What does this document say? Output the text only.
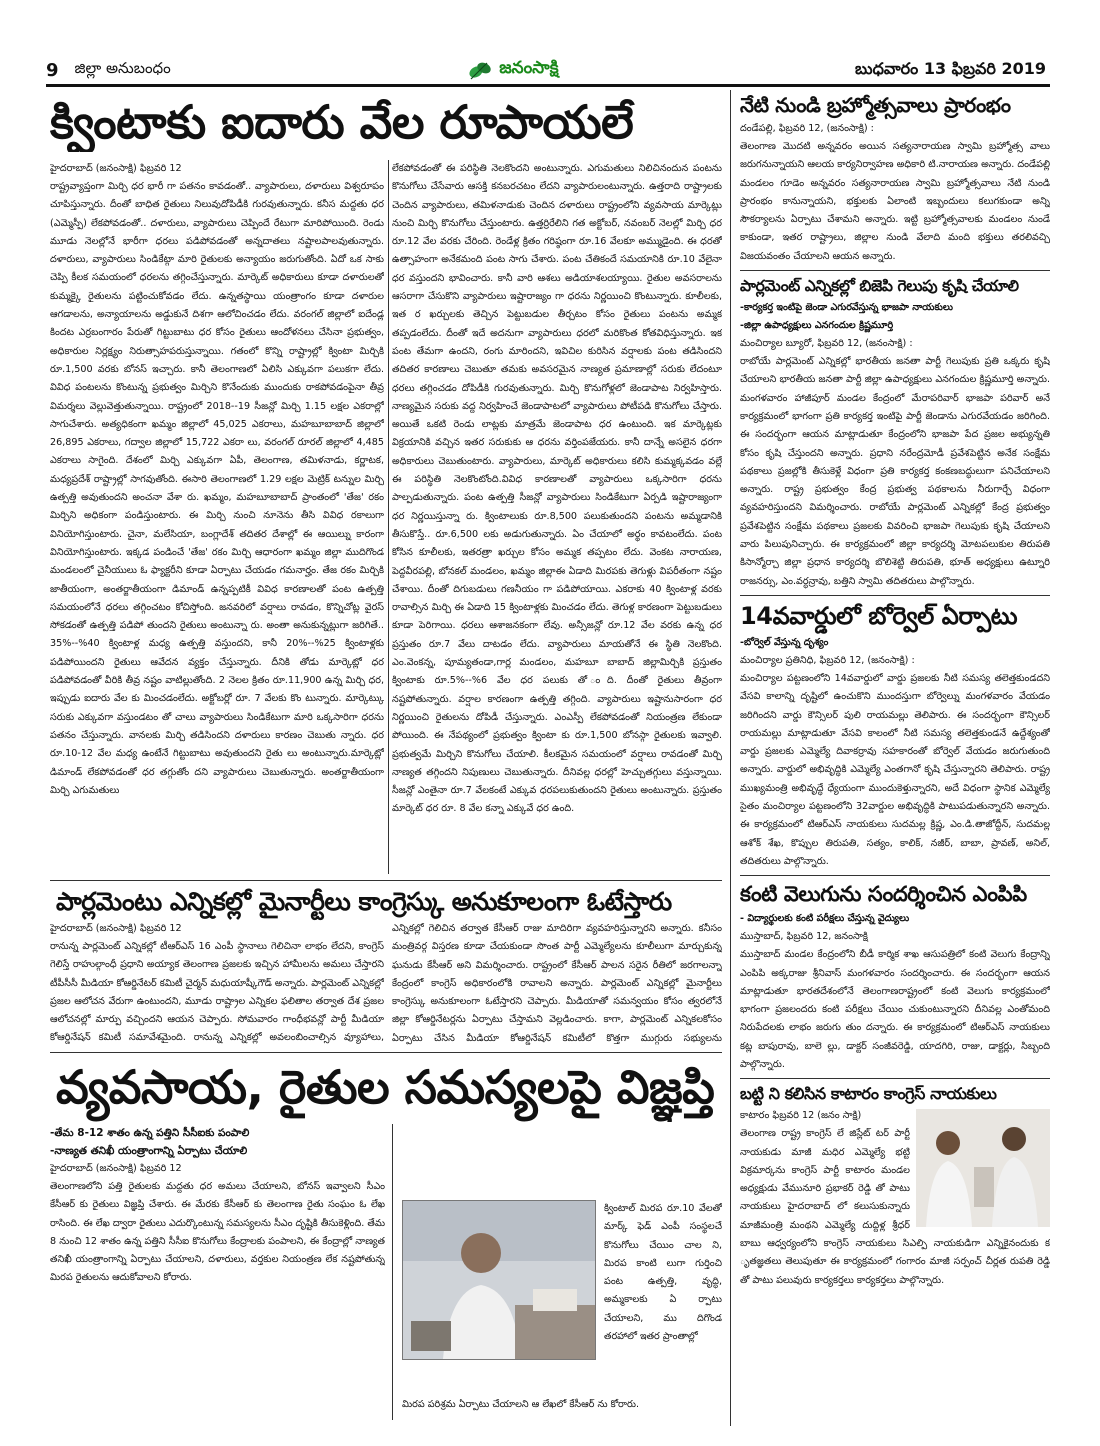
9 జిల్లా అనుబంధం	జనంసాక్షి	బుధవారం 13 ఫిబ్రవరి 2019
క్వింటాకు ఐదారు వేల రూపాయలే

హైదరాబాద్ (జనంసాక్షి) ఫిబ్రవరి 12

రాష్ట్రవ్యాప్తంగా మిర్చి ధర భారీ గా పతనం కావడంతో.. వ్యాపారులు, దళారులు విశ్వరూపం చూపిస్తున్నారు. దీంతో బాధిత రైతులు నిలువుదోపిడీకి గురవుతున్నారు. కనీస మద్దతు ధర (ఎమ్మెస్పీ) లేకపోవడంతో.. దళారులు, వ్యాపారులు చెప్పిందే రేటుగా మారిపోయింది. రెండు మూడు నెలల్లోనే భారీగా ధరలు పడిపోవడంతో అన్నదాతలు నష్టాలపాలవుతున్నారు. దళారులు, వ్యాపారులు సిండికేట్గా మారి రైతులకు అన్యాయం జరుగుతోంది. ఏదో ఒక సాకు చెప్పి కీలక సమయంలో ధరలను తగ్గించేస్తున్నారు. మార్కెట్ అధికారులు కూడా దళారులతో కుమ్మక్కై రైతులను పట్టించుకోవడం లేదు. ఉన్నతస్థాయి యంత్రాంగం కూడా దళారుల ఆగడాలను, అన్యాయాలను అడ్డుకునే దిశగా ఆలోచించడం లేదు. వరంగల్ జిల్లాలో ఐదేండ్ల కిందట ఎర్రబంగారం పేరుతో గిట్టుబాటు ధర కోసం రైతులు ఆందోళనలు చేసినా ప్రభుత్వం, అధికారుల నిర్లక్ష్యం నిరుత్సాహపరుస్తున్నాయి. గతంలో కొన్ని రాష్ట్రాల్లో క్వింటా మిర్చికి రూ.1,500 వరకు బోనస్ ఇచ్చారు. కానీ తెలంగాణలో ఏలిసి ఎక్కువగా పలుకగా లేదు. వివిధ పంటలను కొంటున్న ప్రభుత్వం మిర్చిని కొనేందుకు ముందుకు రాకపోవడంపైనా తీవ్ర విమర్శలు వెల్లువెత్తుతున్నాయి. రాష్ట్రంలో 2018--19 సీజన్లో మిర్చి 1.15 లక్షల ఎకరాల్లో సాగుచేశారు. అత్యధికంగా ఖమ్మం జిల్లాలో 45,025 ఎకరాలు, మహబూబాబాద్ జిల్లాలో 26,895 ఎకరాలు, గద్వాల జిల్లాలో 15,722 ఎకరా లు, వరంగల్ రూరల్ జిల్లాలో 4,485 ఎకరాలు సాగైంది. దేశంలో మిర్చి ఎక్కువగా ఏపీ, తెలంగాణ, తమిళనాడు, కర్ణాటక, మధ్యప్రదేశ్ రాష్ట్రాల్లో సాగవుతోంది. ఈసారి తెలంగాణలో 1.29 లక్షల మెట్రిక్ టన్నుల మిర్చి ఉత్పత్తి అవుతుందని అంచనా వేశా రు. ఖమ్మం, మహబూబాబాద్ ప్రాంతంలో 'తేజ' రకం మిర్చిని అధికంగా పండిస్తుంటారు. ఈ మిర్చి నుంచి నూనెను తీసి వివిధ రకాలుగా వినియోగిస్తుంటారు. చైనా, మలేసియా, బంగ్లాదేశ్ తదితర దేశాల్లో ఈ ఆయిల్ను కారంగా వినియోగిస్తుంటారు. ఇక్కడ పండించే 'తేజ' రకం మిర్చి ఆధారంగా ఖమ్మం జిల్లా ముదిగొండ మండలంలో చైనీయులు ఓ ఫ్యాక్టరీని కూడా ఏర్పాటు చేయడం గమనార్హం. తేజ రకం మిర్చికి జాతీయంగా, అంతర్జాతీయంగా డిమాండ్ ఉన్నప్పటికీ వివిధ కారణాలతో పంట ఉత్పత్తి సమయంలోనే ధరలు తగ్గించటం కోచిస్తోంది. జనవరిలో వర్షాలు రావడం, కొన్నిచోట్ల వైరస్ సోకడంతో ఉత్పత్తి పడిపో తుందని రైతులు అంటున్నా రు. అంతా అనుకున్నట్లుగా జరిగితే.. 35%--%40 క్వింటాళ్ల మధ్య ఉత్పత్తి వస్తుందని, కానీ 20%--%25 క్వింటాళ్లకు పడిపోయిందని రైతులు ఆవేదన వ్యక్తం చేస్తున్నారు. దీనికి తోడు మార్కెట్లో ధర పడిపోవడంతో వీరికి తీవ్ర నష్టం వాటిల్లుతోంది. 2 నెలల క్రితం రూ.11,900 ఉన్న మిర్చి ధర, ఇప్పుడు ఐదారు వేల కు మించడంలేదు. అక్టోబర్లో రూ. 7 వేలకు కొం టున్నారు. మార్కెట్కు సరుకు ఎక్కువగా వస్తుండటం తో చాలు వ్యాపారులు సిండికేటుగా మారి ఒక్కసారిగా ధరను పతనం చేస్తున్నారు. వానలకు మిర్చి తడిసిందని దళారులు కారణం చెబుతు న్నారు. ధర రూ.10-12 వేల మధ్య ఉంటేనే గిట్టుబాటు అవుతుందని రైతు లు అంటున్నారు.మార్కెట్లో డిమాండ్ లేకపోవడంతో ధర తగ్గుతోం దని వ్యాపారులు చెబుతున్నారు. అంతర్జాతీయంగా మిర్చి ఎగుమతులు

లేకపోవడంతో ఈ పరిస్థితి నెలకొందని అంటున్నారు. ఎగుమతులు నిలిచినందున పంటను కొనుగోలు చేసేవారు ఆసక్తి కనబరచటం లేదని వ్యాపారులంటున్నారు. ఉత్తరాది రాష్ట్రాలకు చెందిన వ్యాపారులు, తమిళనాడుకు చెందిన దళారులు రాష్ట్రంలోని వ్యవసాయ మార్కెట్లు నుంచి మిర్చి కొనుగోలు చేస్తుంటారు. ఉత్తర్రిరేలిని గత అక్టోబర్, నవంబర్ నెలల్లో మిర్చి ధర రూ.12 వేల వరకు చేరింది. రెండేళ్ల క్రితం గరిష్ఠంగా రూ.16 వేలకూ అమ్ముడైంది. ఈ ధరతో ఉత్సాహంగా అనేకమంది పంట సాగు చేశారు. పంట చేతికందే సమయానికి రూ.10 వేలైనా ధర వస్తుందని భావించారు. కానీ వారి ఆశలు అడియాశలయ్యాయి. రైతుల అవసరాలను ఆసరాగా చేసుకొని వ్యాపారులు ఇష్టారాజ్యం గా ధరను నిర్ణయించి కొంటున్నారు. కూలీలకు, ఇత ర ఖర్చులకు తెచ్చిన పెట్టుబడుల తీర్చటం కోసం రైతులు పంటను అమ్మక తప్పడంలేదు. దీంతో ఇదే అదనుగా వ్యాపారులు ధరలో మరికొంత కోతవిధిస్తున్నారు. ఇక పంట తేమగా ఉందని, రంగు మారిందని, ఇవిచిల కురిసిన వర్షాలకు పంట తడిసిందని తదితర కారణాలు చెబుతూ తమకు అవసరమైన నాణ్యత ప్రమాణాల్లో సరుకు లేదంటూ ధరలు తగ్గించడం దోపిడీకి గురవుతున్నారు. మిర్చి కొనుగోళ్లలో జెండాపాట నిర్వహిస్తారు. నాణ్యమైన సరుకు వద్ద నిర్వహించే జెండాపాటలో వ్యాపారులు పోటీపడి కొనుగోలు చేస్తారు. అయితే ఒకటి రెండు లాట్లకు మాత్రమే జెండాపాట ధర ఉంటుంది. ఇక మార్కెట్లకు విక్రయానికి వచ్చిన ఇతర సరుకుకు ఆ ధరను వర్తింపజేయరు. కానీ దాన్నే అసలైన ధరగా అధికారులు చెబుతుంటారు. వ్యాపారులు, మార్కెట్ అధికారులు కలిసి కుమ్మక్కవడం వల్లే ఈ పరిస్థితి నెలకొంటోంది.వివిధ కారణాలతో వ్యాపారులు ఒక్కసారిగా ధరను పాల్పడుతున్నారు. పంట ఉత్పత్తి సీజన్లో వ్యాపారులు సిండికేటుగా ఏర్పడి ఇష్టారాజ్యంగా ధర నిర్ణయిస్తున్నా రు. క్వింటాలుకు రూ.8,500 పలుకుతుందని పంటను అమ్మడానికి తీసుకొస్తే.. రూ.6,500 లకు అడుగుతున్నారు. ఏం చేయాలో అర్థం కావటంలేదు. పంట కోసిన కూలీలకు, ఇతరత్రా ఖర్చుల కోసం అమ్మక తప్పటం లేదు. వెంకట నారాయణ, పెద్దవీరపల్లి, బోనకల్ మండలం, ఖమ్మం జిల్లాఈ ఏడాది మిరపకు తెగుళ్లు విపరీతంగా నష్టం చేశాయి. దీంతో దిగుబడులు గణనీయం గా పడిపోయాయి. ఎకరాకు 40 క్వింటాళ్ల వరకు రావాల్సిన మిర్చి ఈ ఏడాది 15 క్వింటాళ్లకు మించడం లేదు. తెగుళ్ల కారణంగా పెట్టుబడులు కూడా పెరిగాయి. ధరలు ఆశాజనకంగా లేవు. అన్సీజన్లో రూ.12 వేల వరకు ఉన్న ధర ప్రస్తుతం రూ.7 వేలు దాటడం లేదు. వ్యాపారులు మాయతోనే ఈ స్థితి నెలకొంది. ఎం.వెంకన్న, పూమ్యతండా,గార్ల మండలం, మహబూ బాబాద్ జిల్లామిర్చికి ప్రస్తుతం క్వింటాకు రూ.5%--%6 వేల ధర పలుకు తో ంది. దీంతో రైతులు తీవ్రంగా నష్టపోతున్నారు. వర్షాల కారణంగా ఉత్పత్తి తగ్గింది. వ్యాపారులు ఇష్టానుసారంగా ధర నిర్ణయించి రైతులను దోపిడీ చేస్తున్నారు. ఎంఎస్పీ లేకపోవడంతో నియంత్రణ లేకుండా పోయింది. ఈ నేపథ్యంలో ప్రభుత్వం క్వింటా కు రూ.1,500 బోనస్గా రైతులకు ఇవ్వాలి. ప్రభుత్వమే మిర్చిని కొనుగోలు చేయాలి. కీలకమైన సమయంలో వర్షాలు రావడంతో మిర్చి నాణ్యత తగ్గిందని నిపుణులు చెబుతున్నారు. దీనివల్ల ధరల్లో హెచ్చుతగ్గులు వస్తున్నాయి. సీజన్లో ఎంతైనా రూ.7 వేలకంటే ఎక్కువ ధరపలుకుతుందని రైతులు అంటున్నారు. ప్రస్తుతం మార్కెట్ ధర రూ. 8 వేల కన్నా ఎక్కువే ధర ఉంది.

పార్లమెంటు ఎన్నికల్లో మైనార్టీలు కాంగ్రెస్కు అనుకూలంగా ఓటేస్తారు

హైదరాబాద్ (జనంసాక్షి) ఫిబ్రవరి 12

రానున్న పార్లమెంట్ ఎన్నికల్లో టీఆర్ఎస్ 16 ఎంపీ స్థానాలు గెలిచినా లాభం లేదని, కాంగ్రెస్ గెలిస్తే రాహుల్గాంధీ ప్రధాని అయ్యాక తెలంగాణ ప్రజలకు ఇచ్చిన హామీలను అమలు చేస్తారని టీపీసీసీ మీడియా కోఆర్డినేటర్ కమిటీ చైర్మన్ మధుయాష్కీగౌడ్ అన్నారు. పార్లమెంట్ ఎన్నికల్లో ప్రజల ఆలోచన వేరుగా ఉంటుందని, మూడు రాష్ట్రాల ఎన్నికల ఫలితాల తర్వాత దేశ ప్రజల ఆలోచనల్లో మార్పు వచ్చిందని ఆయన చెప్పారు. సోమవారం గాంధీభవన్లో పార్టీ మీడియా కోఆర్డినేషన్ కమిటీ సమావేశమైంది. రానున్న ఎన్నికల్లో అవలంబించాల్సిన వ్యూహాలు,

ఎన్నికల్లో గెలిచిన తర్వాత కేసీఆర్ రాజు మాదిరిగా వ్యవహరిస్తున్నారని అన్నారు. కనీసం మంత్రివర్గ విస్తరణ కూడా చేయకుండా సొంత పార్టీ ఎమ్మెల్యేలను కూలీలుగా మార్చుకున్న ఘనుడు కేసీఆర్ అని విమర్శించారు. రాష్ట్రంలో కేసీఆర్ పాలన సరైన రీతిలో జరగాలన్నా కేంద్రంలో కాంగ్రెస్ అధికారంలోకి రావాలని అన్నారు. పార్లమెంట్ ఎన్నికల్లో మైనార్టీలు కాంగ్రెస్కు అనుకూలంగా ఓటేస్తారని చెప్పారు. మీడియాతో సమన్వయం కోసం త్వరలోనే జిల్లా కోఆర్డినేటర్లను ఏర్పాటు చేస్తామని వెల్లడించారు. కాగా, పార్లమెంట్ ఎన్నికలకోసం ఏర్పాటు చేసిన మీడియా కోఆర్డినేషన్ కమిటీలో కొత్తగా ముగ్గురు సభ్యులను

వ్యవసాయ, రైతుల సమస్యలపై విజ్ఞప్తి

-తేమ 8-12 శాతం ఉన్న పత్తిని సీసీఐకు పంపాలి

-నాణ్యత తనిఖీ యంత్రాంగాన్ని ఏర్పాటు చేయాలి

హైదరాబాద్ (జనంసాక్షి) ఫిబ్రవరి 12

తెలంగాణలోని పత్తి రైతులకు మద్దతు ధర అమలు చేయాలని, బోనస్ ఇవ్వాలని సీఎం కేసీఆర్ కు రైతులు విజ్ఞప్తి చేశారు. ఈ మేరకు కేసీఆర్ కు తెలంగాణ రైతు సంఘం ఓ లేఖ రాసింది. ఈ లేఖ ద్వారా రైతులు ఎదుర్కొంటున్న సమస్యలను సీఎం దృష్టికి తీసుకెళ్లింది. తేమ 8 నుంచి 12 శాతం ఉన్న పత్తిని సీసీఐ కొనుగోలు కేంద్రాలకు పంపాలని, ఈ కేంద్రాల్లో నాణ్యత తనిఖీ యంత్రాంగాన్ని ఏర్పాటు చేయాలని, దళారులు, వర్తకుల నియంత్రణ లేక నష్టపోతున్న మిరప రైతులను ఆదుకోవాలని కోరారు.

క్వింటాల్ మిరప రూ.10 వేలతో మార్క్ ఫెడ్ ఎంపీ సంస్థలచే కొనుగోలు చేయిం చాల ని, మిరప కాంటి లుగా గుర్తించి పంట ఉత్పత్తి, వృద్ధి, అమ్మకాలకు ఏ ర్పాటు చేయాలని, ము దిగొండ తరహాలో ఇతర ప్రాంతాల్లో

మిరప పరిశ్రమ ఏర్పాటు చేయాలని ఆ లేఖలో కేసీఆర్ ను కోరారు.

నేటి నుండి బ్రహ్మోత్సవాలు ప్రారంభం

దండేపల్లి, ఫిబ్రవరి 12, (జనంసాక్షి) :

తెలంగాణ మొదటి అన్నవరం అయిన సత్యనారాయణ స్వామి బ్రహ్మోత్స వాలు జరుగనున్నాయని ఆలయ కార్యనిర్వాహణ అధికారి టి.నారాయణ అన్నారు. దండేపల్లి మండలం గూడెం అన్నవరం సత్యనారాయణ స్వామి బ్రహ్మోత్సవాలు నేటి నుండి ప్రారంభం కానున్నాయని, భక్తులకు ఏలాంటి ఇబ్బందులు కలుగకుండా అన్ని సౌకర్యాలను ఏర్పాటు చేశామని అన్నారు. ఇట్టి బ్రహ్మోత్సవాలకు మండలం నుండే కాకుండా, ఇతర రాష్ట్రాలు, జిల్లాల నుండి వేలాది మంది భక్తులు తరలివచ్చి విజయవంతం చేయాలని ఆయన అన్నారు.

పార్లమెంట్ ఎన్నికల్లో బిజెపి గెలుపు కృషి చేయాలి

-కార్యకర్త ఇంటిపై జెండా ఎగురవేస్తున్న భాజపా నాయకులు

-జిల్లా ఉపాధ్యక్షులు ఎనగందుల క్రిష్ణమూర్తి

మంచిర్యాల బ్యూరో, ఫిబ్రవరి 12, (జనంసాక్షి) :

రాబోయే పార్లమెంట్ ఎన్నికల్లో భారతీయ జనతా పార్టీ గెలుపుకు ప్రతి ఒక్కరు కృషి చేయాలని భారతీయ జనతా పార్టీ జిల్లా ఉపాధ్యక్షులు ఎనగందుల క్రిష్ణమూర్తి అన్నారు. మంగళవారం హాజీపూర్ మండల కేంద్రంలో మేరాపరివార్ భాజపా పరివార్ అనే కార్యక్రమంలో భాగంగా ప్రతి కార్యకర్త ఇంటిపై పార్టీ జెండాను ఎగురవేయడం జరిగింది. ఈ సందర్భంగా ఆయన మాట్లాడుతూ కేంద్రంలోని భాజపా పేద ప్రజల అభ్యున్నతి కోసం కృషి చేస్తుందని అన్నారు. ప్రధాని నరేంద్రమోడీ ప్రవేశపెట్టిన అనేక సంక్షేమ పథకాలు ప్రజల్లోకి తీసుకెళ్లే విధంగా ప్రతి కార్యకర్త కంకణబద్ధులుగా పనిచేయాలని అన్నారు. రాష్ట్ర ప్రభుత్వం కేంద్ర ప్రభుత్వ పథకాలను నీరుగార్చే విధంగా వ్యవహరిస్తుందని విమర్శించారు. రాబోయే పార్లమెంట్ ఎన్నికల్లో కేంద్ర ప్రభుత్వం ప్రవేశపెట్టిన సంక్షేమ పథకాలు ప్రజలకు వివరించి భాజపా గెలుపుకు కృషి చేయాలని వారు పిలుపునిచ్చారు. ఈ కార్యక్రమంలో జిల్లా కార్యదర్శి మోటపలుకుల తిరుపతి కిసాన్మోర్చా జిల్లా ప్రధాన కార్యదర్శి బొలిశెట్టి తిరుపతి, భూత్ అధ్యక్షులు ఉట్నూరి రాజనర్సు, ఎం.వర్ధన్రావు, బత్తిని స్వామి తదితరులు పాల్గొన్నారు.

14వవార్డులో బోర్వెల్ ఏర్పాటు

-బోర్వెల్ వేస్తున్న దృశ్యం

మంచిర్యాల ప్రతినిధి, ఫిబ్రవరి 12, (జనంసాక్షి) :

మంచిర్యాల పట్టణంలోని 14వవార్డులో వార్డు ప్రజలకు నీటి సమస్య తలెత్తకుండదని వేసవి కాలాన్ని దృష్టిలో ఉంచుకొని ముందస్తుగా బోర్వెల్ను మంగళవారం వేయడం జరిగిందని వార్డు కౌన్సిలర్ పులి రాయమల్లు తెలిపారు. ఈ సందర్భంగా కౌన్సిలర్ రాయమల్లు మాట్లాడుతూ వేసవి కాలంలో నీటి సమస్య తలెత్తకుండనే ఉద్దేశ్యంతో వార్డు ప్రజలకు ఎమ్మెల్యే దివాకర్రావు సహకారంతో బోర్వెల్ వేయడం జరుగుతుంది అన్నారు. వార్డులో అభివృద్ధికి ఎమ్మెల్యే ఎంతగానో కృషి చేస్తున్నారని తెలిపారు. రాష్ట్ర ముఖ్యమంత్రి అభివృద్ధే ధ్యేయంగా ముందుకెళ్తున్నారని, అదే విధంగా స్థానిక ఎమ్మెల్యే సైతం మంచిర్యాల పట్టణంలోని 32వార్డుల అభివృద్ధికి పాటుపడుతున్నారని అన్నారు. ఈ కార్యక్రమంలో టిఆర్ఎస్ నాయకులు సుదమల్ల క్రిష్ణ, ఎం.డి.తాజోద్దీన్, సుదమల్ల ఆశోక్ శేఖ, కొప్పుల తిరుపతి, సత్యం, కాలిక్, నజీర్, బాబా, ప్రావణ్, అనిల్, తదితరులు పాల్గొన్నారు.

కంటి వెలుగును సందర్శించిన ఎంపిపి

- విద్యార్థులకు కంటి పరీక్షలు చేస్తున్న వైద్యులు

ముస్తాబాద్, ఫిబ్రవరి 12, జనంసాక్షి

ముస్తాబాద్ మండల కేంద్రంలోని బీడీ కార్మిక శాఖ ఆసుపత్రిలో కంటి వెలుగు కేంద్రాన్ని ఎంపిపి అక్కరాజు శ్రీనివాస్ మంగళవారం సందర్శించారు. ఈ సందర్భంగా ఆయన మాట్లాడుతూ భారతదేశంలోనే తెలంగాణరాష్ట్రంలో కంటి వెలుగు కార్యక్రమంలో భాగంగా ప్రజలందరు కంటి పరీక్షలు చేయిం చుకుంటున్నారని దీనివల్ల ఎంతోమంది నిరుపేదలకు లాభం జరుగు తుం దన్నారు. ఈ కార్యక్రమంలో టిఆర్ఎస్ నాయకులు కట్ల బాపురావు, బాలె ల్లు, డాక్టర్ సంజీవరెడ్డి, యాదగిరి, రాజు, డాక్టర్లు, సిబ్బంది పాల్గొన్నారు.

బట్టి ని కలిసిన కాటారం కాంగ్రెస్ నాయకులు

కాటారం ఫిబ్రవరి 12 (జనం సాక్షి)

తెలంగాణ రాష్ట్ర కాంగ్రెస్ లే జిస్లేట్ టర్ పార్టీ నాయకుడు మాజీ మధిర ఎమ్మెల్యే భట్టి విక్రమార్కను కాంగ్రెస్ పార్టీ కాటారం మండల అధ్యక్షుడు వేమునూరి ప్రభాకర్ రెడ్డి తో పాటు నాయకులు హైదరాబాద్ లో కలుసుకున్నారు మాజీమంత్రి మంథని ఎమ్మెల్యే దుద్దిళ్ల శ్రీధర్ బాబు ఆధ్వర్యంలోని కాంగ్రెస్ నాయకులు సిఎల్పి నాయకుడిగా ఎన్నికైనందుకు క ృతజ్ఞతలు తెలుపుతూ ఈ కార్యక్రమంలో గంగారం మాజీ సర్పంచ్ చీర్లత రుపతి రెడ్డి తో పాటు పలువురు కార్యకర్తలు కార్యకర్తలు పాల్గొన్నారు.
